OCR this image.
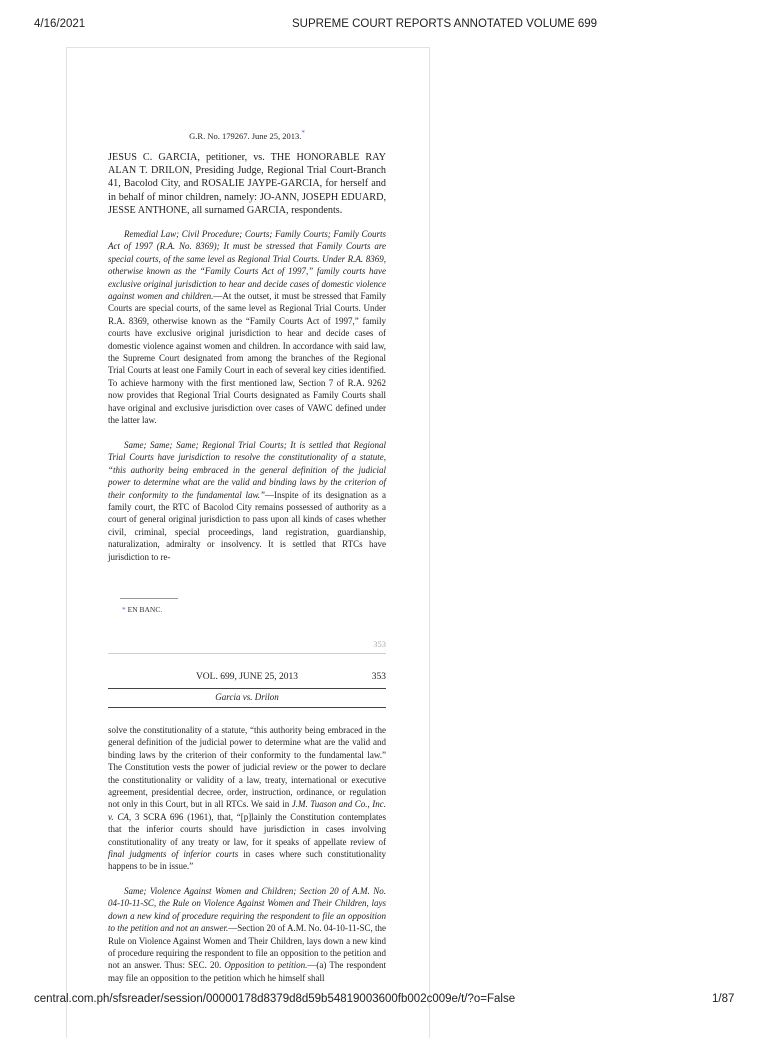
4/16/2021	SUPREME COURT REPORTS ANNOTATED VOLUME 699
G.R. No. 179267. June 25, 2013.*
JESUS C. GARCIA, petitioner, vs. THE HONORABLE RAY ALAN T. DRILON, Presiding Judge, Regional Trial Court-Branch 41, Bacolod City, and ROSALIE JAYPE-GARCIA, for herself and in behalf of minor children, namely: JO-ANN, JOSEPH EDUARD, JESSE ANTHONE, all surnamed GARCIA, respondents.
Remedial Law; Civil Procedure; Courts; Family Courts; Family Courts Act of 1997 (R.A. No. 8369); It must be stressed that Family Courts are special courts, of the same level as Regional Trial Courts. Under R.A. 8369, otherwise known as the “Family Courts Act of 1997,” family courts have exclusive original jurisdiction to hear and decide cases of domestic violence against women and children.—At the outset, it must be stressed that Family Courts are special courts, of the same level as Regional Trial Courts. Under R.A. 8369, otherwise known as the “Family Courts Act of 1997,” family courts have exclusive original jurisdiction to hear and decide cases of domestic violence against women and children. In accordance with said law, the Supreme Court designated from among the branches of the Regional Trial Courts at least one Family Court in each of several key cities identified. To achieve harmony with the first mentioned law, Section 7 of R.A. 9262 now provides that Regional Trial Courts designated as Family Courts shall have original and exclusive jurisdiction over cases of VAWC defined under the latter law.
Same; Same; Same; Regional Trial Courts; It is settled that Regional Trial Courts have jurisdiction to resolve the constitutionality of a statute, “this authority being embraced in the general definition of the judicial power to determine what are the valid and binding laws by the criterion of their conformity to the fundamental law.”—Inspite of its designation as a family court, the RTC of Bacolod City remains possessed of authority as a court of general original jurisdiction to pass upon all kinds of cases whether civil, criminal, special proceedings, land registration, guardianship, naturalization, admiralty or insolvency. It is settled that RTCs have jurisdiction to re-
* EN BANC.
353
VOL. 699, JUNE 25, 2013	353
Garcia vs. Drilon
solve the constitutionality of a statute, “this authority being embraced in the general definition of the judicial power to determine what are the valid and binding laws by the criterion of their conformity to the fundamental law.” The Constitution vests the power of judicial review or the power to declare the constitutionality or validity of a law, treaty, international or executive agreement, presidential decree, order, instruction, ordinance, or regulation not only in this Court, but in all RTCs. We said in J.M. Tuason and Co., Inc. v. CA, 3 SCRA 696 (1961), that, “[p]lainly the Constitution contemplates that the inferior courts should have jurisdiction in cases involving constitutionality of any treaty or law, for it speaks of appellate review of final judgments of inferior courts in cases where such constitutionality happens to be in issue.”
Same; Violence Against Women and Children; Section 20 of A.M. No. 04-10-11-SC, the Rule on Violence Against Women and Their Children, lays down a new kind of procedure requiring the respondent to file an opposition to the petition and not an answer.—Section 20 of A.M. No. 04-10-11-SC, the Rule on Violence Against Women and Their Children, lays down a new kind of procedure requiring the respondent to file an opposition to the petition and not an answer. Thus: SEC. 20. Opposition to petition.—(a) The respondent may file an opposition to the petition which he himself shall
central.com.ph/sfsreader/session/00000178d8379d8d59b54819003600fb002c009e/t/?o=False	1/87
